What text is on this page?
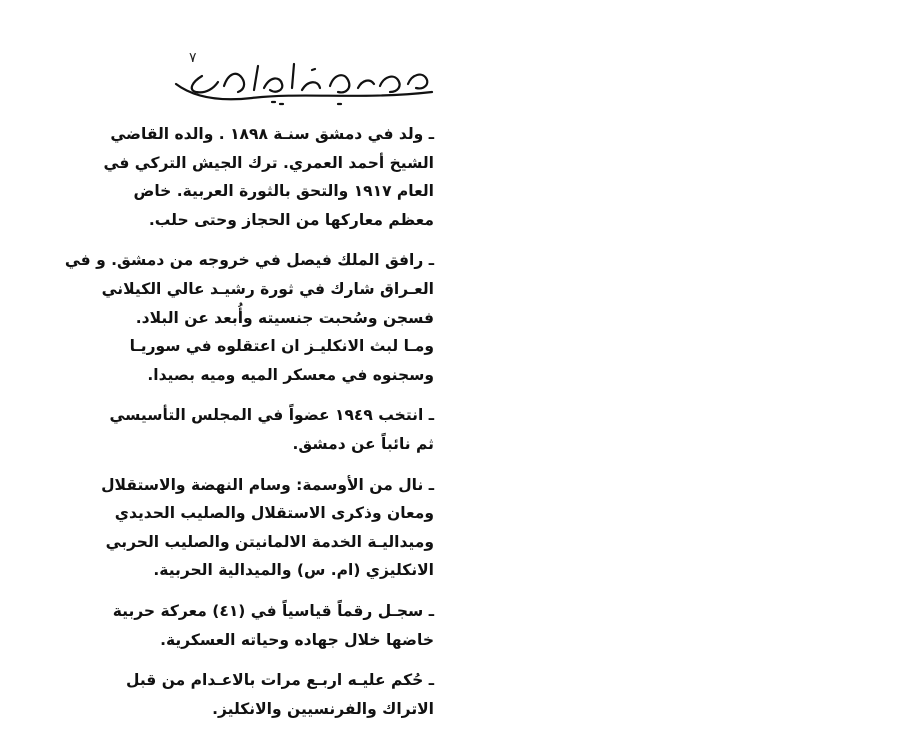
٧
ـ ولد في دمشق سنـة ١٨٩٨ . والده القاضي
الشيخ أحمد العمري. ترك الجيش التركي في
العام ١٩١٧ والتحق بالثورة العربية. خاض
معظم معاركها من الحجاز وحتى حلب.
ـ رافق الملك فيصل في خروجه من دمشق. و في
العـراق شارك في ثورة رشيـد عالي الكيلاني
فسجن وسُحبت جنسيته وأُبعد عن البلاد.
ومـا لبث الانكليـز ان اعتقلوه في سوريـا
وسجنوه في معسكر الميه وميه بصيدا.
ـ انتخب ١٩٤٩ عضواً في المجلس التأسيسي
ثم نائباً عن دمشق.
ـ نال من الأوسمة: وسام النهضة والاستقلال
ومعان وذكرى الاستقلال والصليب الحديدي
وميداليـة الخدمة الالمانيتن والصليب الحربي
الانكليزي (ام. س) والميدالية الحربية.
ـ سجـل رقماً قياسياً في (٤١) معركة حربية
خاضها خلال جهاده وحياته العسكرية.
ـ حُكم عليـه اربـع مرات بالاعـدام من قبل
الاتراك والفرنسيين والانكليز.
